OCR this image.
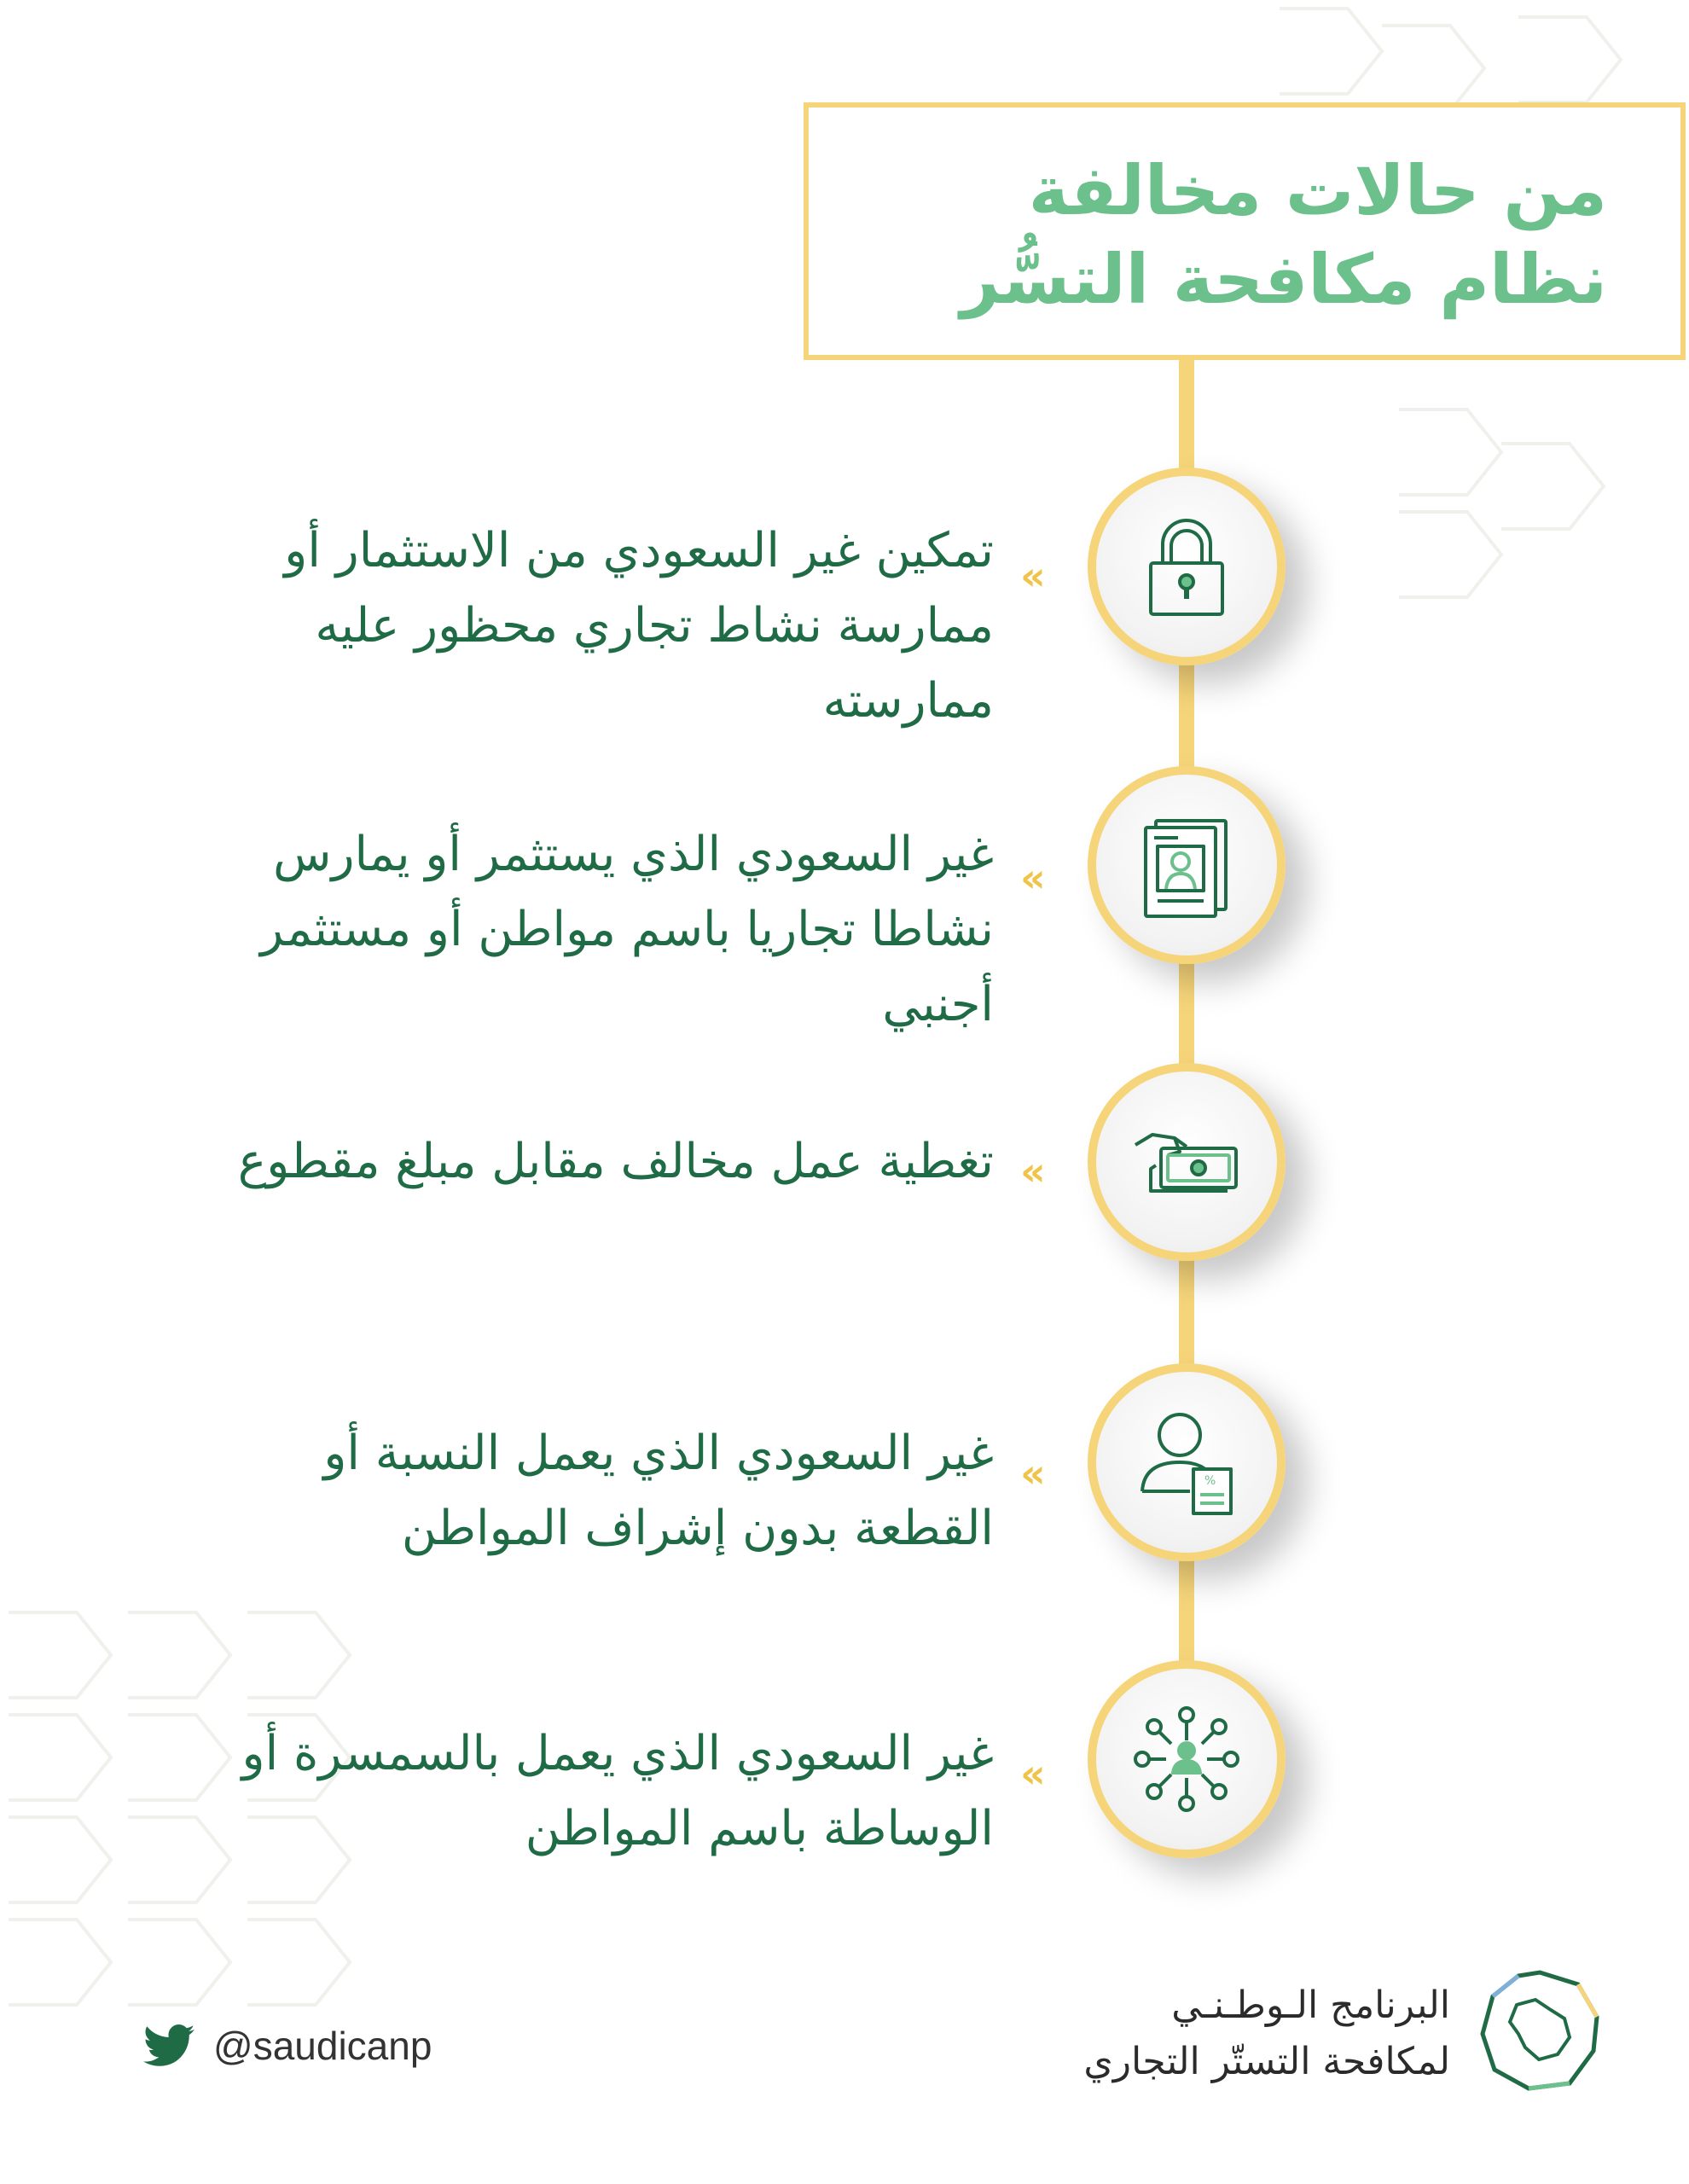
من حالات مخالفة
نظام مكافحة التسُّر
«
تمكين غير السعودي من الاستثمار أو
ممارسة نشاط تجاري محظور عليه
ممارسته
«
غير السعودي الذي يستثمر أو يمارس
نشاطا تجاريا باسم مواطن أو مستثمر
أجنبي
«
تغطية عمل مخالف مقابل مبلغ مقطوع
%
«
غير السعودي الذي يعمل النسبة أو
القطعة بدون إشراف المواطن
«
غير السعودي الذي يعمل بالسمسرة أو
الوساطة باسم المواطن
@saudicanp
البرنامج الـوطـنـي
لمكافحة التستّر التجاري
